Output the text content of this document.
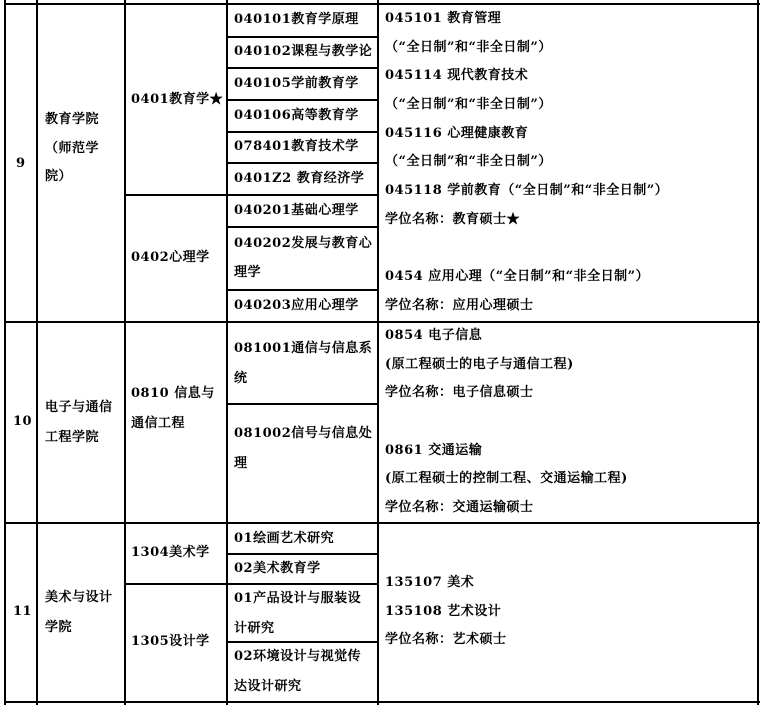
9
教育学院
（师范学
院）
0401教育学★
0402心理学
040101教育学原理
040102课程与教学论
040105学前教育学
040106高等教育学
078401教育技术学
0401Z2 教育经济学
040201基础心理学
040202发展与教育心
理学
040203应用心理学
045101 教育管理
（“全日制”和“非全日制”）
045114 现代教育技术
（“全日制”和“非全日制”）
045116 心理健康教育
（“全日制”和“非全日制”）
045118 学前教育（“全日制”和“非全日制”）
学位名称：教育硕士★
0454 应用心理（“全日制”和“非全日制”）
学位名称：应用心理硕士
10
电子与通信
工程学院
0810 信息与
通信工程
081001通信与信息系
统
081002信号与信息处
理
0854 电子信息
(原工程硕士的电子与通信工程)
学位名称：电子信息硕士
0861 交通运输
(原工程硕士的控制工程、交通运输工程)
学位名称：交通运输硕士
11
美术与设计
学院
1304美术学
1305设计学
01绘画艺术研究
02美术教育学
01产品设计与服装设
计研究
02环境设计与视觉传
达设计研究
135107 美术
135108 艺术设计
学位名称：艺术硕士
